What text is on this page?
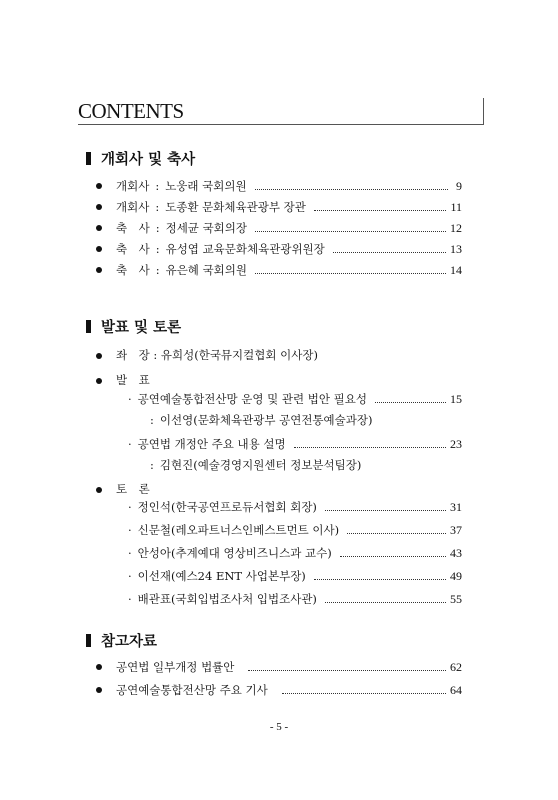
CONTENTS
개회사 및 축사
개회사 : 노웅래 국회의원	9
개회사 : 도종환 문화체육관광부 장관	11
축　사 : 정세균 국회의장	12
축　사 : 유성엽 교육문화체육관광위원장	13
축　사 : 유은혜 국회의원	14
발표 및 토론
좌　장 : 유희성(한국뮤지컬협회 이사장)
발　표
· 공연예술통합전산망 운영 및 관련 법안 필요성	15
: 이선영(문화체육관광부 공연전통예술과장)
· 공연법 개정안 주요 내용 설명	23
: 김현진(예술경영지원센터 정보분석팀장)
토　론
· 정인석(한국공연프로듀서협회 회장)	31
· 신문철(레오파트너스인베스트먼트 이사)	37
· 안성아(추계예대 영상비즈니스과 교수)	43
· 이선재(예스24 ENT 사업본부장)	49
· 배관표(국회입법조사처 입법조사관)	55
참고자료
공연법 일부개정 법률안	62
공연예술통합전산망 주요 기사	64
- 5 -
